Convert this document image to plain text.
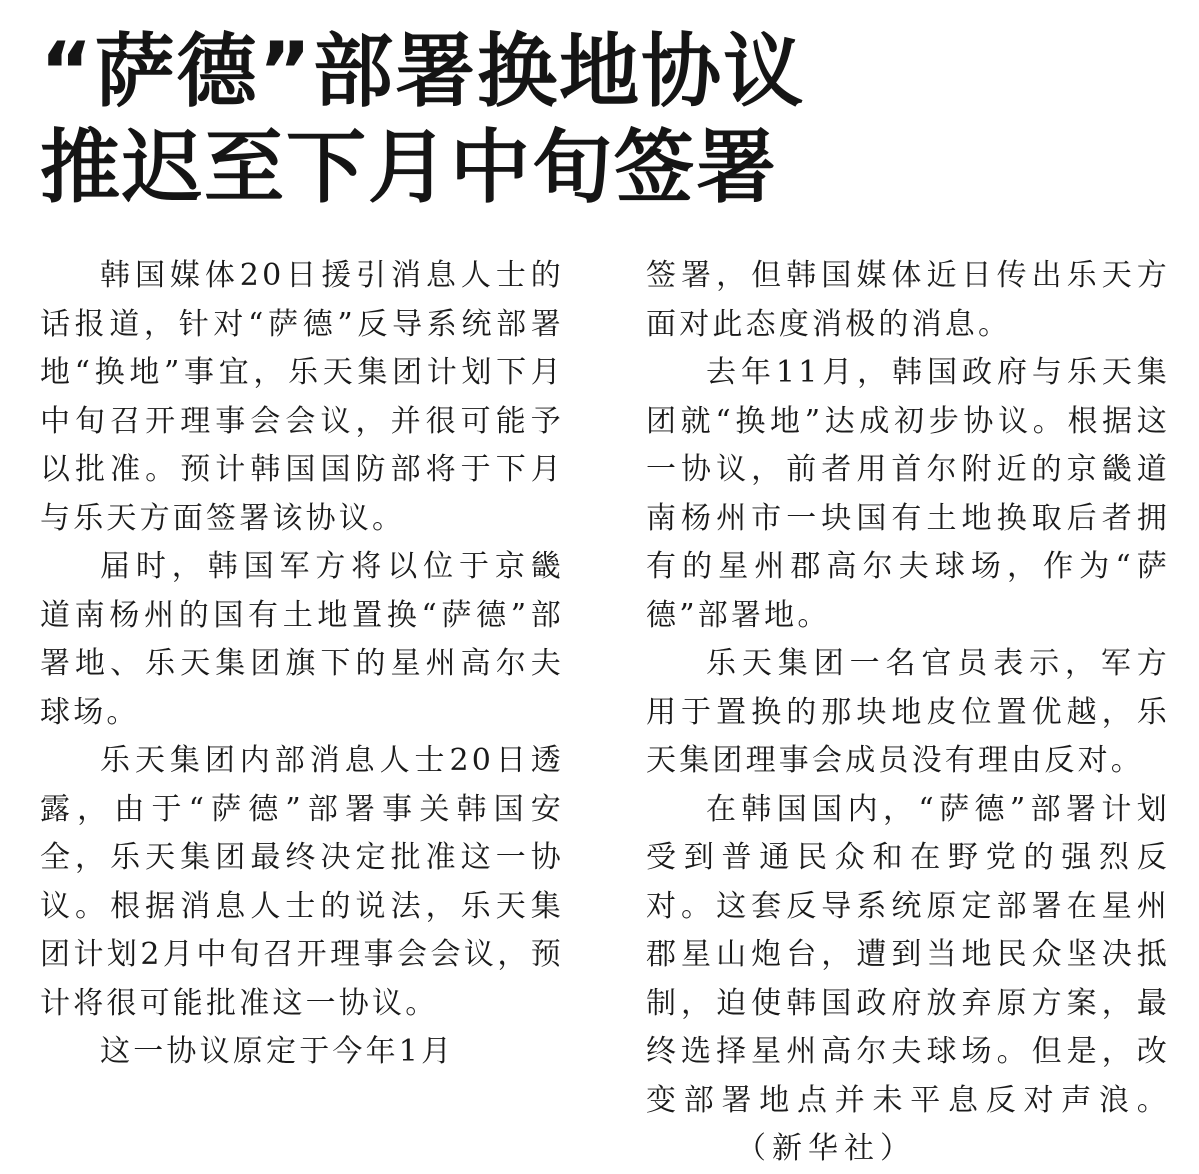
“萨德”部署换地协议
推迟至下月中旬签署

韩国媒体20日援引消息人士的话报道，针对“萨德”反导系统部署地“换地”事宜，乐天集团计划下月中旬召开理事会会议，并很可能予以批准。预计韩国国防部将于下月与乐天方面签署该协议。

届时，韩国军方将以位于京畿道南杨州的国有土地置换“萨德”部署地、乐天集团旗下的星州高尔夫球场。

乐天集团内部消息人士20日透露，由于“萨德”部署事关韩国安全，乐天集团最终决定批准这一协议。根据消息人士的说法，乐天集团计划2月中旬召开理事会会议，预计将很可能批准这一协议。

这一协议原定于今年1月

签署，但韩国媒体近日传出乐天方面对此态度消极的消息。

去年11月，韩国政府与乐天集团就“换地”达成初步协议。根据这一协议，前者用首尔附近的京畿道南杨州市一块国有土地换取后者拥有的星州郡高尔夫球场，作为“萨德”部署地。

乐天集团一名官员表示，军方用于置换的那块地皮位置优越，乐天集团理事会成员没有理由反对。

在韩国国内，“萨德”部署计划受到普通民众和在野党的强烈反对。这套反导系统原定部署在星州郡星山炮台，遭到当地民众坚决抵制，迫使韩国政府放弃原方案，最终选择星州高尔夫球场。但是，改变部署地点并未平息反对声浪。（新华社）
